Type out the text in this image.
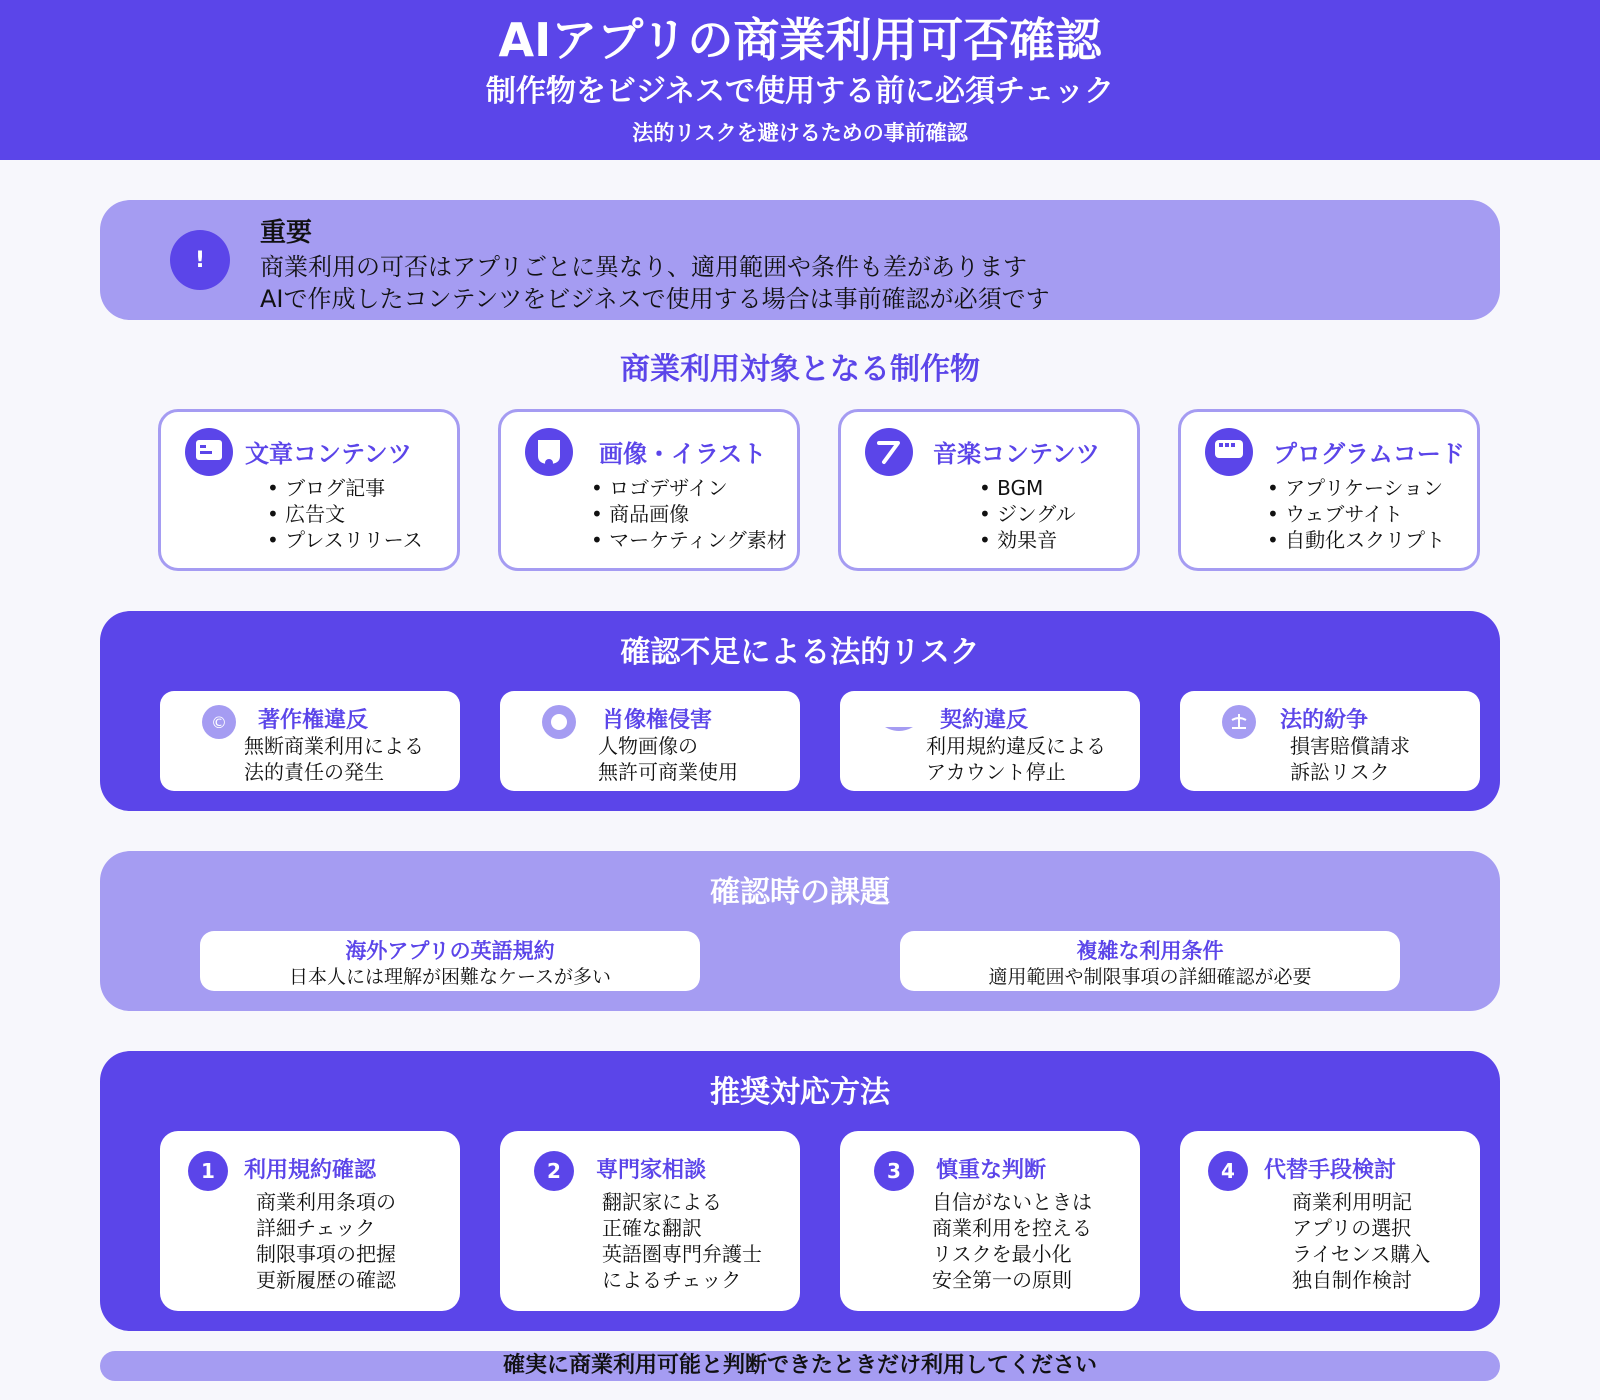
AIアプリの商業利用可否確認
制作物をビジネスで使用する前に必須チェック
法的リスクを避けるための事前確認
!
重要
商業利用の可否はアプリごとに異なり、適用範囲や条件も差があります
AIで作成したコンテンツをビジネスで使用する場合は事前確認が必須です
商業利用対象となる制作物
文章コンテンツ
• ブログ記事
• 広告文
• プレスリリース
画像・イラスト
• ロゴデザイン
• 商品画像
• マーケティング素材
音楽コンテンツ
• BGM
• ジングル
• 効果音
プログラムコード
• アプリケーション
• ウェブサイト
• 自動化スクリプト
確認不足による法的リスク
©	著作権違反
無断商業利用による
法的責任の発生
肖像権侵害
人物画像の
無許可商業使用
契約違反
利用規約違反による
アカウント停止
法的紛争
損害賠償請求
訴訟リスク
確認時の課題
海外アプリの英語規約
日本人には理解が困難なケースが多い
複雑な利用条件
適用範囲や制限事項の詳細確認が必要
推奨対応方法
1	利用規約確認
商業利用条項の
詳細チェック
制限事項の把握
更新履歴の確認
2	専門家相談
翻訳家による
正確な翻訳
英語圏専門弁護士
によるチェック
3	慎重な判断
自信がないときは
商業利用を控える
リスクを最小化
安全第一の原則
4	代替手段検討
商業利用明記
アプリの選択
ライセンス購入
独自制作検討
確実に商業利用可能と判断できたときだけ利用してください
